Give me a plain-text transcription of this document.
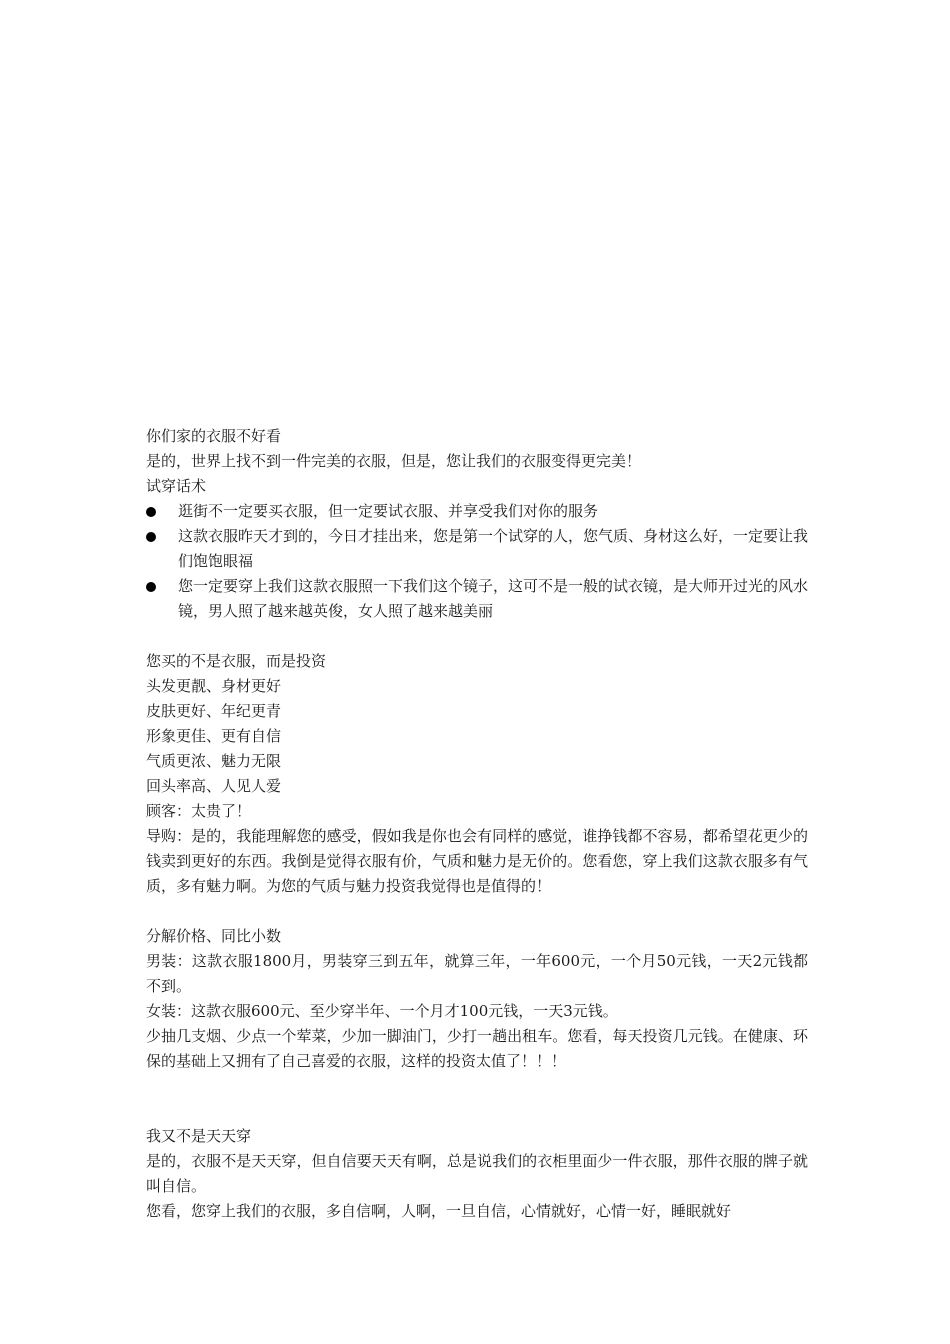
你们家的衣服不好看
是的，世界上找不到一件完美的衣服，但是，您让我们的衣服变得更完美！
试穿话术
逛街不一定要买衣服，但一定要试衣服、并享受我们对你的服务
这款衣服昨天才到的，今日才挂出来，您是第一个试穿的人，您气质、身材这么好，一定要让我们饱饱眼福
您一定要穿上我们这款衣服照一下我们这个镜子，这可不是一般的试衣镜，是大师开过光的风水镜，男人照了越来越英俊，女人照了越来越美丽
您买的不是衣服，而是投资
头发更靓、身材更好
皮肤更好、年纪更青
形象更佳、更有自信
气质更浓、魅力无限
回头率高、人见人爱
顾客：太贵了！
导购：是的，我能理解您的感受，假如我是你也会有同样的感觉，谁挣钱都不容易，都希望花更少的钱卖到更好的东西。我倒是觉得衣服有价，气质和魅力是无价的。您看您，穿上我们这款衣服多有气质，多有魅力啊。为您的气质与魅力投资我觉得也是值得的！
分解价格、同比小数
男装：这款衣服1800月，男装穿三到五年，就算三年，一年600元，一个月50元钱，一天2元钱都不到。
女装：这款衣服600元、至少穿半年、一个月才100元钱，一天3元钱。
少抽几支烟、少点一个荤菜，少加一脚油门，少打一趟出租车。您看，每天投资几元钱。在健康、环保的基础上又拥有了自己喜爱的衣服，这样的投资太值了！！！
我又不是天天穿
是的，衣服不是天天穿，但自信要天天有啊，总是说我们的衣柜里面少一件衣服，那件衣服的牌子就叫自信。
您看，您穿上我们的衣服，多自信啊，人啊，一旦自信，心情就好，心情一好，睡眠就好
